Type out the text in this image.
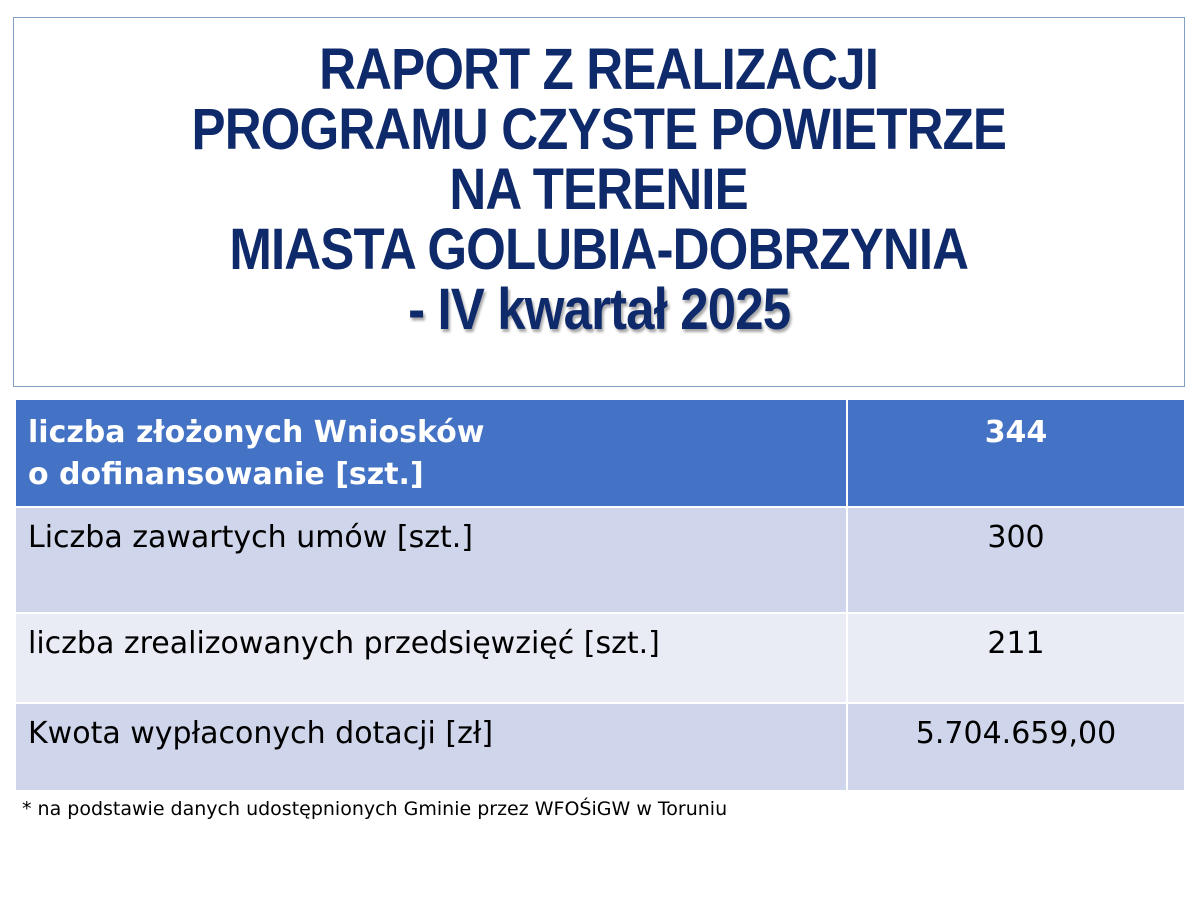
RAPORT Z REALIZACJI
PROGRAMU CZYSTE POWIETRZE
NA TERENIE
MIASTA GOLUBIA-DOBRZYNIA
- IV kwartał 2025
liczba złożonych Wniosków
o dofinansowanie [szt.]	344
Liczba zawartych umów [szt.]	300
liczba zrealizowanych przedsięwzięć [szt.]	211
Kwota wypłaconych dotacji [zł]	5.704.659,00
* na podstawie danych udostępnionych Gminie przez WFOŚiGW w Toruniu
